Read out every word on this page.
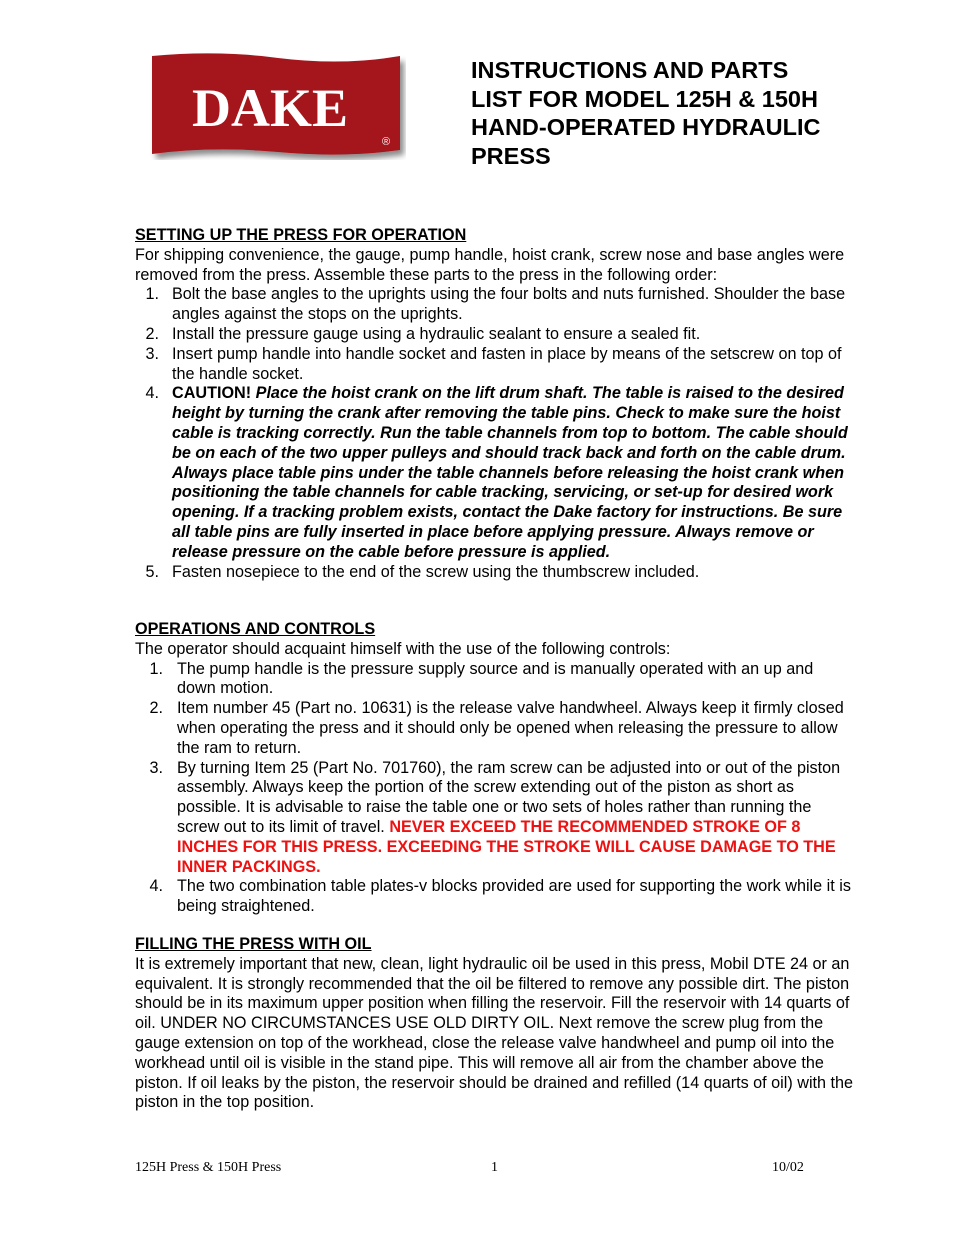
DAKE
®
INSTRUCTIONS AND PARTS
LIST FOR MODEL 125H & 150H
HAND-OPERATED HYDRAULIC
PRESS
SETTING UP THE PRESS FOR OPERATION

For shipping convenience, the gauge, pump handle, hoist crank, screw nose and base angles were removed from the press. Assemble these parts to the press in the following order:

1. Bolt the base angles to the uprights using the four bolts and nuts furnished. Shoulder the base angles against the stops on the uprights.
2. Install the pressure gauge using a hydraulic sealant to ensure a sealed fit.
3. Insert pump handle into handle socket and fasten in place by means of the setscrew on top of the handle socket.
4. CAUTION! Place the hoist crank on the lift drum shaft. The table is raised to the desired height by turning the crank after removing the table pins. Check to make sure the hoist cable is tracking correctly. Run the table channels from top to bottom. The cable should be on each of the two upper pulleys and should track back and forth on the cable drum. Always place table pins under the table channels before releasing the hoist crank when positioning the table channels for cable tracking, servicing, or set-up for desired work opening. If a tracking problem exists, contact the Dake factory for instructions. Be sure all table pins are fully inserted in place before applying pressure. Always remove or release pressure on the cable before pressure is applied.
5. Fasten nosepiece to the end of the screw using the thumbscrew included.
OPERATIONS AND CONTROLS

The operator should acquaint himself with the use of the following controls:

1. The pump handle is the pressure supply source and is manually operated with an up and down motion.
2. Item number 45 (Part no. 10631) is the release valve handwheel. Always keep it firmly closed when operating the press and it should only be opened when releasing the pressure to allow the ram to return.
3. By turning Item 25 (Part No. 701760), the ram screw can be adjusted into or out of the piston assembly. Always keep the portion of the screw extending out of the piston as short as possible. It is advisable to raise the table one or two sets of holes rather than running the screw out to its limit of travel. NEVER EXCEED THE RECOMMENDED STROKE OF 8 INCHES FOR THIS PRESS. EXCEEDING THE STROKE WILL CAUSE DAMAGE TO THE INNER PACKINGS.
4. The two combination table plates-v blocks provided are used for supporting the work while it is being straightened.
FILLING THE PRESS WITH OIL

It is extremely important that new, clean, light hydraulic oil be used in this press, Mobil DTE 24 or an equivalent. It is strongly recommended that the oil be filtered to remove any possible dirt. The piston should be in its maximum upper position when filling the reservoir. Fill the reservoir with 14 quarts of oil. UNDER NO CIRCUMSTANCES USE OLD DIRTY OIL. Next remove the screw plug from the gauge extension on top of the workhead, close the release valve handwheel and pump oil into the workhead until oil is visible in the stand pipe. This will remove all air from the chamber above the piston. If oil leaks by the piston, the reservoir should be drained and refilled (14 quarts of oil) with the piston in the top position.

125H Press & 150H Press	1	10/02
